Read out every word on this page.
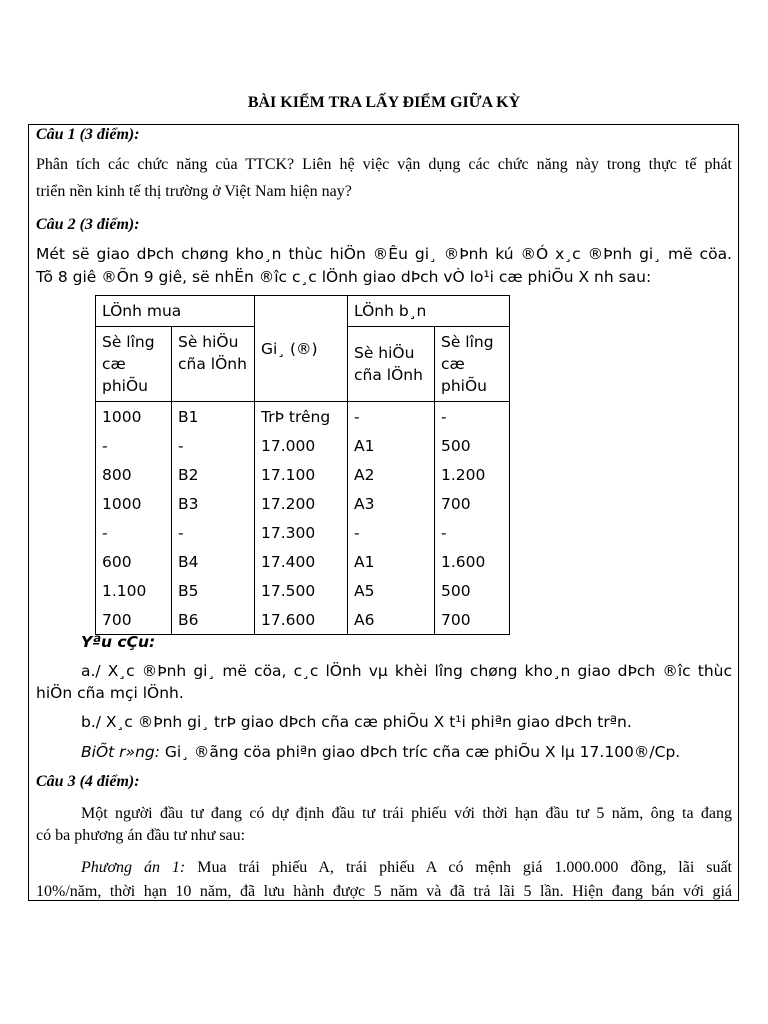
BÀI KIỂM TRA LẤY ĐIỂM GIỮA KỲ
Câu 1 (3 điểm):
Phân tích các chức năng của TTCK? Liên hệ việc vận dụng các chức năng này trong thực tế phát
triển nền kinh tế thị trường ở Việt Nam hiện nay?
Câu 2 (3 điểm):
Mét së giao dÞch chøng kho¸n thùc hiÖn ®Êu gi¸ ®Þnh kú ®Ó x¸c ®Þnh gi¸ më cöa.
Tõ 8 giê ®Õn 9 giê, së nhËn ®îc c¸c lÖnh giao dÞch vÒ lo¹i cæ phiÕu X nh sau:
LÖnh mua		Gi¸ (®)	LÖnh b¸n	
Sè lîng cæ phiÕu	Sè hiÖu cña lÖnh		Sè hiÖu cña lÖnh	Sè lîng cæ phiÕu
1000	B1	TrÞ trêng	-	-
-	-	17.000	A1	500
800	B2	17.100	A2	1.200
1000	B3	17.200	A3	700
-	-	17.300	-	-
600	B4	17.400	A1	1.600
1.100	B5	17.500	A5	500
700	B6	17.600	A6	700
Yªu cÇu:
a./ X¸c ®Þnh gi¸ më cöa, c¸c lÖnh vµ khèi lîng chøng kho¸n giao dÞch ®îc thùc
hiÖn cña mçi lÖnh.
b./ X¸c ®Þnh gi¸ trÞ giao dÞch cña cæ phiÕu X t¹i phiªn giao dÞch trªn.
BiÕt r»ng: Gi¸ ®ãng cöa phiªn giao dÞch tríc cña cæ phiÕu X lµ 17.100®/Cp.
Câu 3 (4 điểm):
Một người đầu tư đang có dự định đầu tư trái phiếu với thời hạn đầu tư 5 năm, ông ta đang
có ba phương án đầu tư như sau:
Phương án 1: Mua trái phiếu A, trái phiếu A có mệnh giá 1.000.000 đồng, lãi suất
10%/năm, thời hạn 10 năm, đã lưu hành được 5 năm và đã trả lãi 5 lần. Hiện đang bán với giá
